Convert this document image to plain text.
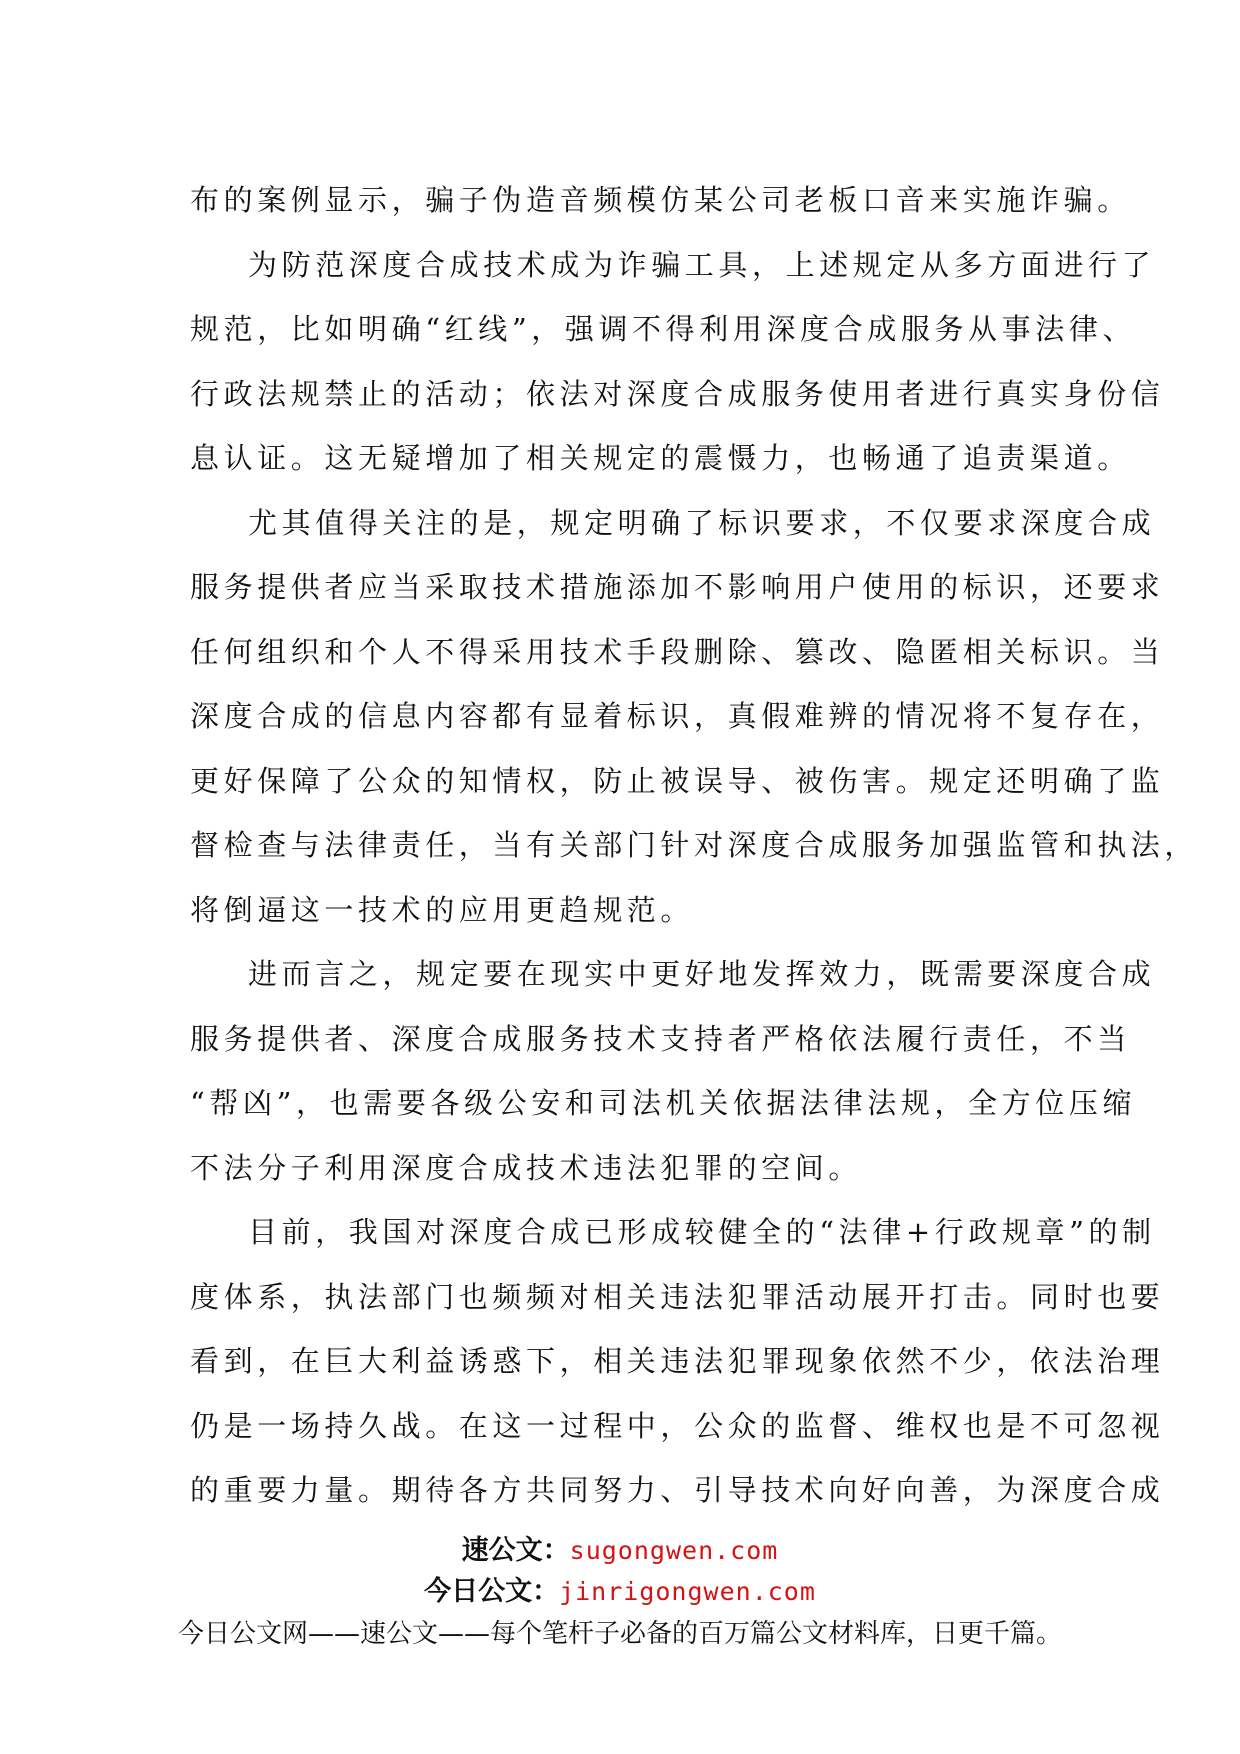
布的案例显示，骗子伪造音频模仿某公司老板口音来实施诈骗。
为防范深度合成技术成为诈骗工具，上述规定从多方面进行了
规范，比如明确“红线”，强调不得利用深度合成服务从事法律、
行政法规禁止的活动；依法对深度合成服务使用者进行真实身份信
息认证。这无疑增加了相关规定的震慑力，也畅通了追责渠道。
尤其值得关注的是，规定明确了标识要求，不仅要求深度合成
服务提供者应当采取技术措施添加不影响用户使用的标识，还要求
任何组织和个人不得采用技术手段删除、篡改、隐匿相关标识。当
深度合成的信息内容都有显着标识，真假难辨的情况将不复存在，
更好保障了公众的知情权，防止被误导、被伤害。规定还明确了监
督检查与法律责任，当有关部门针对深度合成服务加强监管和执法，
将倒逼这一技术的应用更趋规范。
进而言之，规定要在现实中更好地发挥效力，既需要深度合成
服务提供者、深度合成服务技术支持者严格依法履行责任，不当
“帮凶”，也需要各级公安和司法机关依据法律法规，全方位压缩
不法分子利用深度合成技术违法犯罪的空间。
目前，我国对深度合成已形成较健全的“法律+行政规章”的制
度体系，执法部门也频频对相关违法犯罪活动展开打击。同时也要
看到，在巨大利益诱惑下，相关违法犯罪现象依然不少，依法治理
仍是一场持久战。在这一过程中，公众的监督、维权也是不可忽视
的重要力量。期待各方共同努力、引导技术向好向善，为深度合成
速公文：sugongwen.com
今日公文：jinrigongwen.com
今日公文网——速公文——每个笔杆子必备的百万篇公文材料库，日更千篇。
